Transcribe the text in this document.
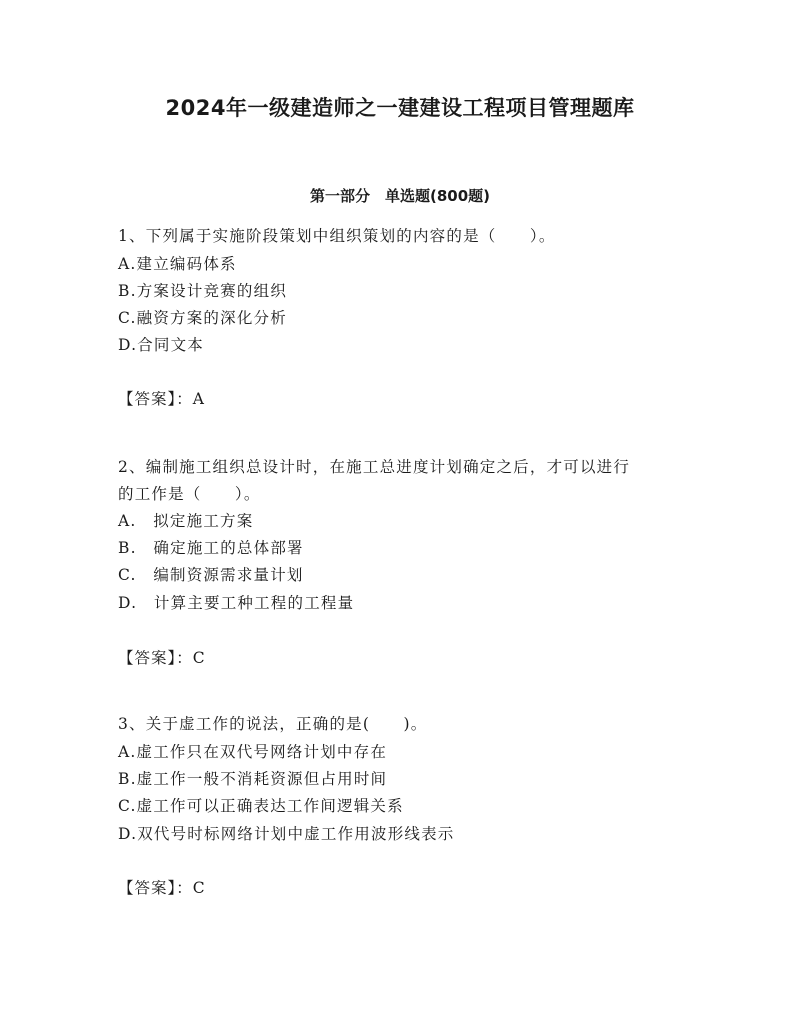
2024年一级建造师之一建建设工程项目管理题库
第一部分　单选题(800题)
1、下列属于实施阶段策划中组织策划的内容的是（　　）。
A.建立编码体系
B.方案设计竞赛的组织
C.融资方案的深化分析
D.合同文本
【答案】：A
2、编制施工组织总设计时，在施工总进度计划确定之后，才可以进行
的工作是（　　）。
A.　拟定施工方案
B.　确定施工的总体部署
C.　编制资源需求量计划
D.　计算主要工种工程的工程量
【答案】：C
3、关于虚工作的说法，正确的是(　　)。
A.虚工作只在双代号网络计划中存在
B.虚工作一般不消耗资源但占用时间
C.虚工作可以正确表达工作间逻辑关系
D.双代号时标网络计划中虚工作用波形线表示
【答案】：C
